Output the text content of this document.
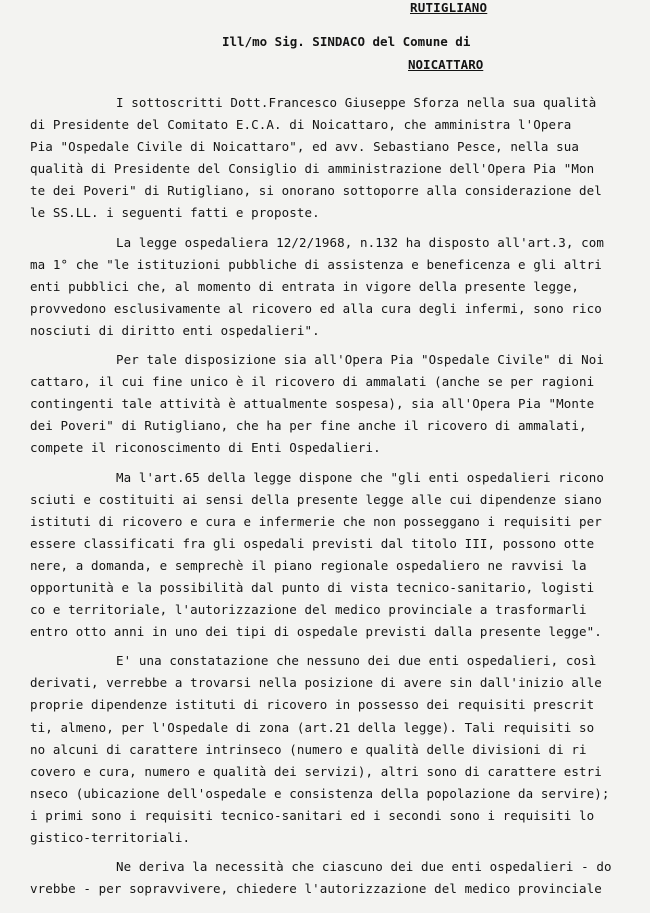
RUTIGLIANO
Ill/mo Sig. SINDACO del Comune di
NOICATTARO
I sottoscritti Dott.Francesco Giuseppe Sforza nella sua qualità
di Presidente del Comitato E.C.A. di Noicattaro, che amministra l'Opera
Pia "Ospedale Civile di Noicattaro", ed avv. Sebastiano Pesce, nella sua
qualità di Presidente del Consiglio di amministrazione dell'Opera Pia "Mon
te dei Poveri" di Rutigliano, si onorano sottoporre alla considerazione del
le SS.LL. i seguenti fatti e proposte.
La legge ospedaliera 12/2/1968, n.132 ha disposto all'art.3, com
ma 1° che "le istituzioni pubbliche di assistenza e beneficenza e gli altri
enti pubblici che, al momento di entrata in vigore della presente legge,
provvedono esclusivamente al ricovero ed alla cura degli infermi, sono rico
nosciuti di diritto enti ospedalieri".
Per tale disposizione sia all'Opera Pia "Ospedale Civile" di Noi
cattaro, il cui fine unico è il ricovero di ammalati (anche se per ragioni
contingenti tale attività è attualmente sospesa), sia all'Opera Pia "Monte
dei Poveri" di Rutigliano, che ha per fine anche il ricovero di ammalati,
compete il riconoscimento di Enti Ospedalieri.
Ma l'art.65 della legge dispone che "gli enti ospedalieri ricono
sciuti e costituiti ai sensi della presente legge alle cui dipendenze siano
istituti di ricovero e cura e infermerie che non posseggano i requisiti per
essere classificati fra gli ospedali previsti dal titolo III, possono otte
nere, a domanda, e semprechè il piano regionale ospedaliero ne ravvisi la
opportunità e la possibilità dal punto di vista tecnico-sanitario, logisti
co e territoriale, l'autorizzazione del medico provinciale a trasformarli
entro otto anni in uno dei tipi di ospedale previsti dalla presente legge".
E' una constatazione che nessuno dei due enti ospedalieri, così
derivati, verrebbe a trovarsi nella posizione di avere sin dall'inizio alle
proprie dipendenze istituti di ricovero in possesso dei requisiti prescrit
ti, almeno, per l'Ospedale di zona (art.21 della legge). Tali requisiti so
no alcuni di carattere intrinseco (numero e qualità delle divisioni di ri
covero e cura, numero e qualità dei servizi), altri sono di carattere estri
nseco (ubicazione dell'ospedale e consistenza della popolazione da servire);
i primi sono i requisiti tecnico-sanitari ed i secondi sono i requisiti lo
gistico-territoriali.
Ne deriva la necessità che ciascuno dei due enti ospedalieri - do
vrebbe - per sopravvivere, chiedere l'autorizzazione del medico provinciale
